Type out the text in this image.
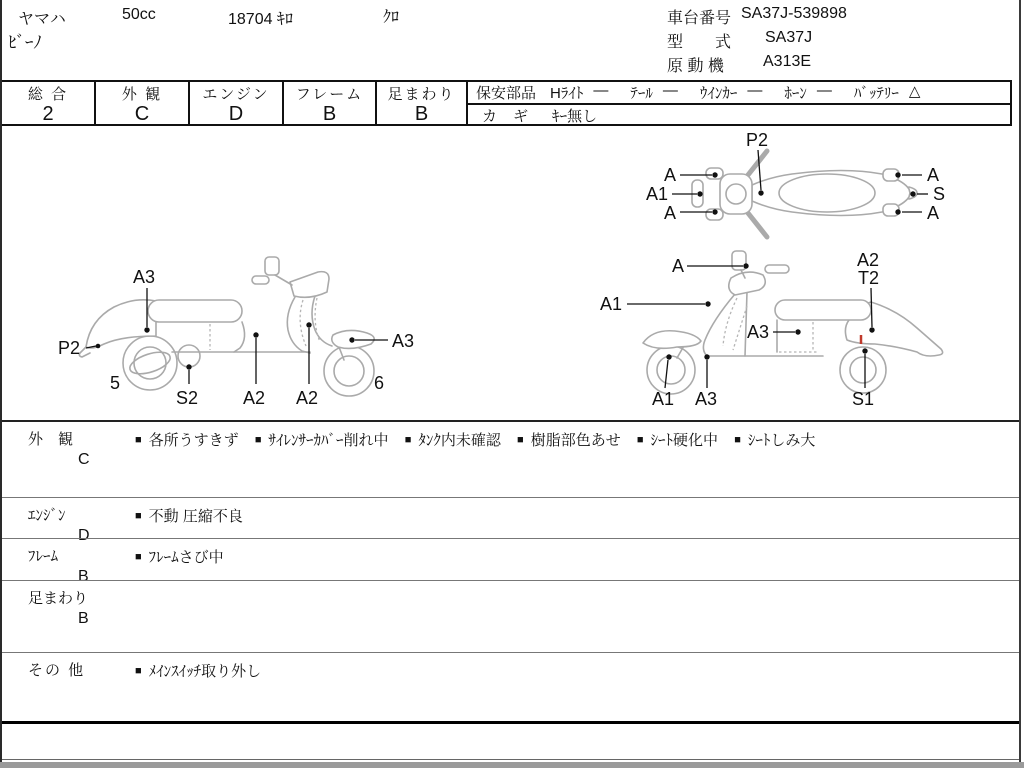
ヤマハ	50cc	18704 ｷﾛ	ｸﾛ
ﾋﾞｰﾉ
車台番号 SA37J-539898
型　　式 SA37J
原 動 機 A313E
総 合
2
外 観
C
エンジン
D
フレーム
B
足まわり
B
保安部品 Hﾗｲﾄ ― ﾃｰﾙ ― ｳｲﾝｶｰ ― ﾎｰﾝ ― ﾊﾞｯﾃﾘｰ △
カ ギ ｷｰ無し
P2
A
A1
A
A
S
A
A3
P2
5
S2 A2 A2
A3
6
A
A1
A2
T2
A3
A1 A3	S1
外　観
C
■ 各所うすきず ■ ｻｲﾚﾝｻｰｶﾊﾞｰ削れ中 ■ ﾀﾝｸ内未確認 ■ 樹脂部色あせ ■ ｼｰﾄ硬化中 ■ ｼｰﾄしみ大
ｴﾝｼﾞﾝ
D
■ 不動 圧縮不良
ﾌﾚｰﾑ
B
■ ﾌﾚｰﾑさび中
足まわり
B
その 他	■ ﾒｲﾝｽｲｯﾁ取り外し
